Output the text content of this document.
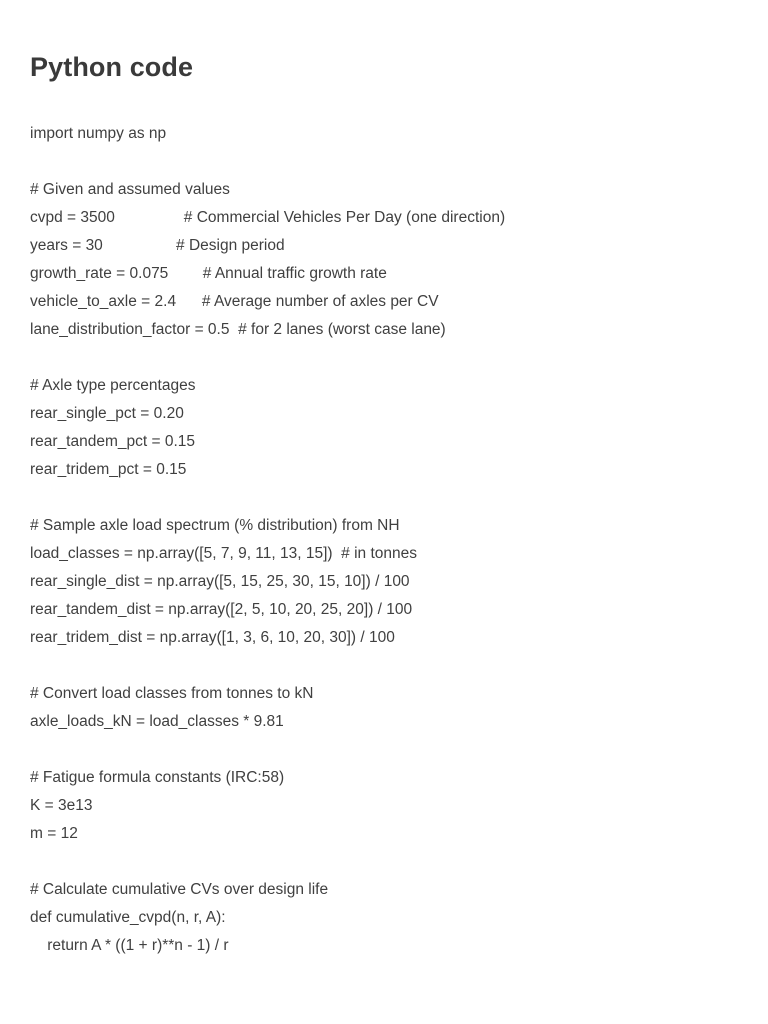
Python code
import numpy as np
# Given and assumed values
cvpd = 3500                # Commercial Vehicles Per Day (one direction)
years = 30                 # Design period
growth_rate = 0.075        # Annual traffic growth rate
vehicle_to_axle = 2.4      # Average number of axles per CV
lane_distribution_factor = 0.5  # for 2 lanes (worst case lane)
# Axle type percentages
rear_single_pct = 0.20
rear_tandem_pct = 0.15
rear_tridem_pct = 0.15
# Sample axle load spectrum (% distribution) from NH
load_classes = np.array([5, 7, 9, 11, 13, 15])  # in tonnes
rear_single_dist = np.array([5, 15, 25, 30, 15, 10]) / 100
rear_tandem_dist = np.array([2, 5, 10, 20, 25, 20]) / 100
rear_tridem_dist = np.array([1, 3, 6, 10, 20, 30]) / 100
# Convert load classes from tonnes to kN
axle_loads_kN = load_classes * 9.81
# Fatigue formula constants (IRC:58)
K = 3e13
m = 12
# Calculate cumulative CVs over design life
def cumulative_cvpd(n, r, A):
return A * ((1 + r)**n - 1) / r
